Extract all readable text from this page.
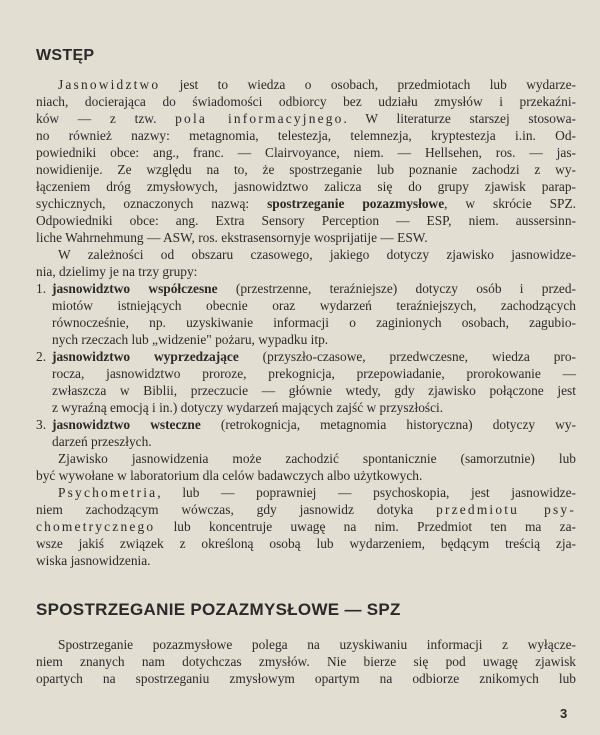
WSTĘP

Jasnowidztwo jest to wiedza o osobach, przedmiotach lub wydarze-
niach, docierająca do świadomości odbiorcy bez udziału zmysłów i przekaźni-
ków — z tzw. pola informacyjnego. W literaturze starszej stosowa-
no również nazwy: metagnomia, telestezja, telemnezja, kryptestezja i.in. Od-
powiedniki obce: ang., franc. — Clairvoyance, niem. — Hellsehen, ros. — jas-
nowidienije. Ze względu na to, że spostrzeganie lub poznanie zachodzi z wy-
łączeniem dróg zmysłowych, jasnowidztwo zalicza się do grupy zjawisk parap-
sychicznych, oznaczonych nazwą: spostrzeganie pozazmysłowe, w skrócie SPZ.
Odpowiedniki obce: ang. Extra Sensory Perception — ESP, niem. aussersinn-
liche Wahrnehmung — ASW, ros. ekstrasensornyje wosprijatije — ESW.

W zależności od obszaru czasowego, jakiego dotyczy zjawisko jasnowidze-
nia, dzielimy je na trzy grupy:

1. jasnowidztwo współczesne (przestrzenne, teraźniejsze) dotyczy osób i przed-
miotów istniejących obecnie oraz wydarzeń teraźniejszych, zachodzących
równocześnie, np. uzyskiwanie informacji o zaginionych osobach, zagubio-
nych rzeczach lub „widzenie" pożaru, wypadku itp.
2. jasnowidztwo wyprzedzające (przyszło-czasowe, przedwczesne, wiedza pro-
rocza, jasnowidztwo proroze, prekognicja, przepowiadanie, prorokowanie —
zwłaszcza w Biblii, przeczucie — głównie wtedy, gdy zjawisko połączone jest
z wyraźną emocją i in.) dotyczy wydarzeń mających zajść w przyszłości.
3. jasnowidztwo wsteczne (retrokognicja, metagnomia historyczna) dotyczy wy-
darzeń przeszłych.

Zjawisko jasnowidzenia może zachodzić spontanicznie (samorzutnie) lub
być wywołane w laboratorium dla celów badawczych albo użytkowych.

Psychometria, lub — poprawniej — psychoskopia, jest jasnowidze-
niem zachodzącym wówczas, gdy jasnowidz dotyka przedmiotu psy-
chometrycznego lub koncentruje uwagę na nim. Przedmiot ten ma za-
wsze jakiś związek z określoną osobą lub wydarzeniem, będącym treścią zja-
wiska jasnowidzenia.

SPOSTRZEGANIE POZAZMYSŁOWE — SPZ

Spostrzeganie pozazmysłowe polega na uzyskiwaniu informacji z wyłącze-
niem znanych nam dotychczas zmysłów. Nie bierze się pod uwagę zjawisk
opartych na spostrzeganiu zmysłowym opartym na odbiorze znikomych lub

3
